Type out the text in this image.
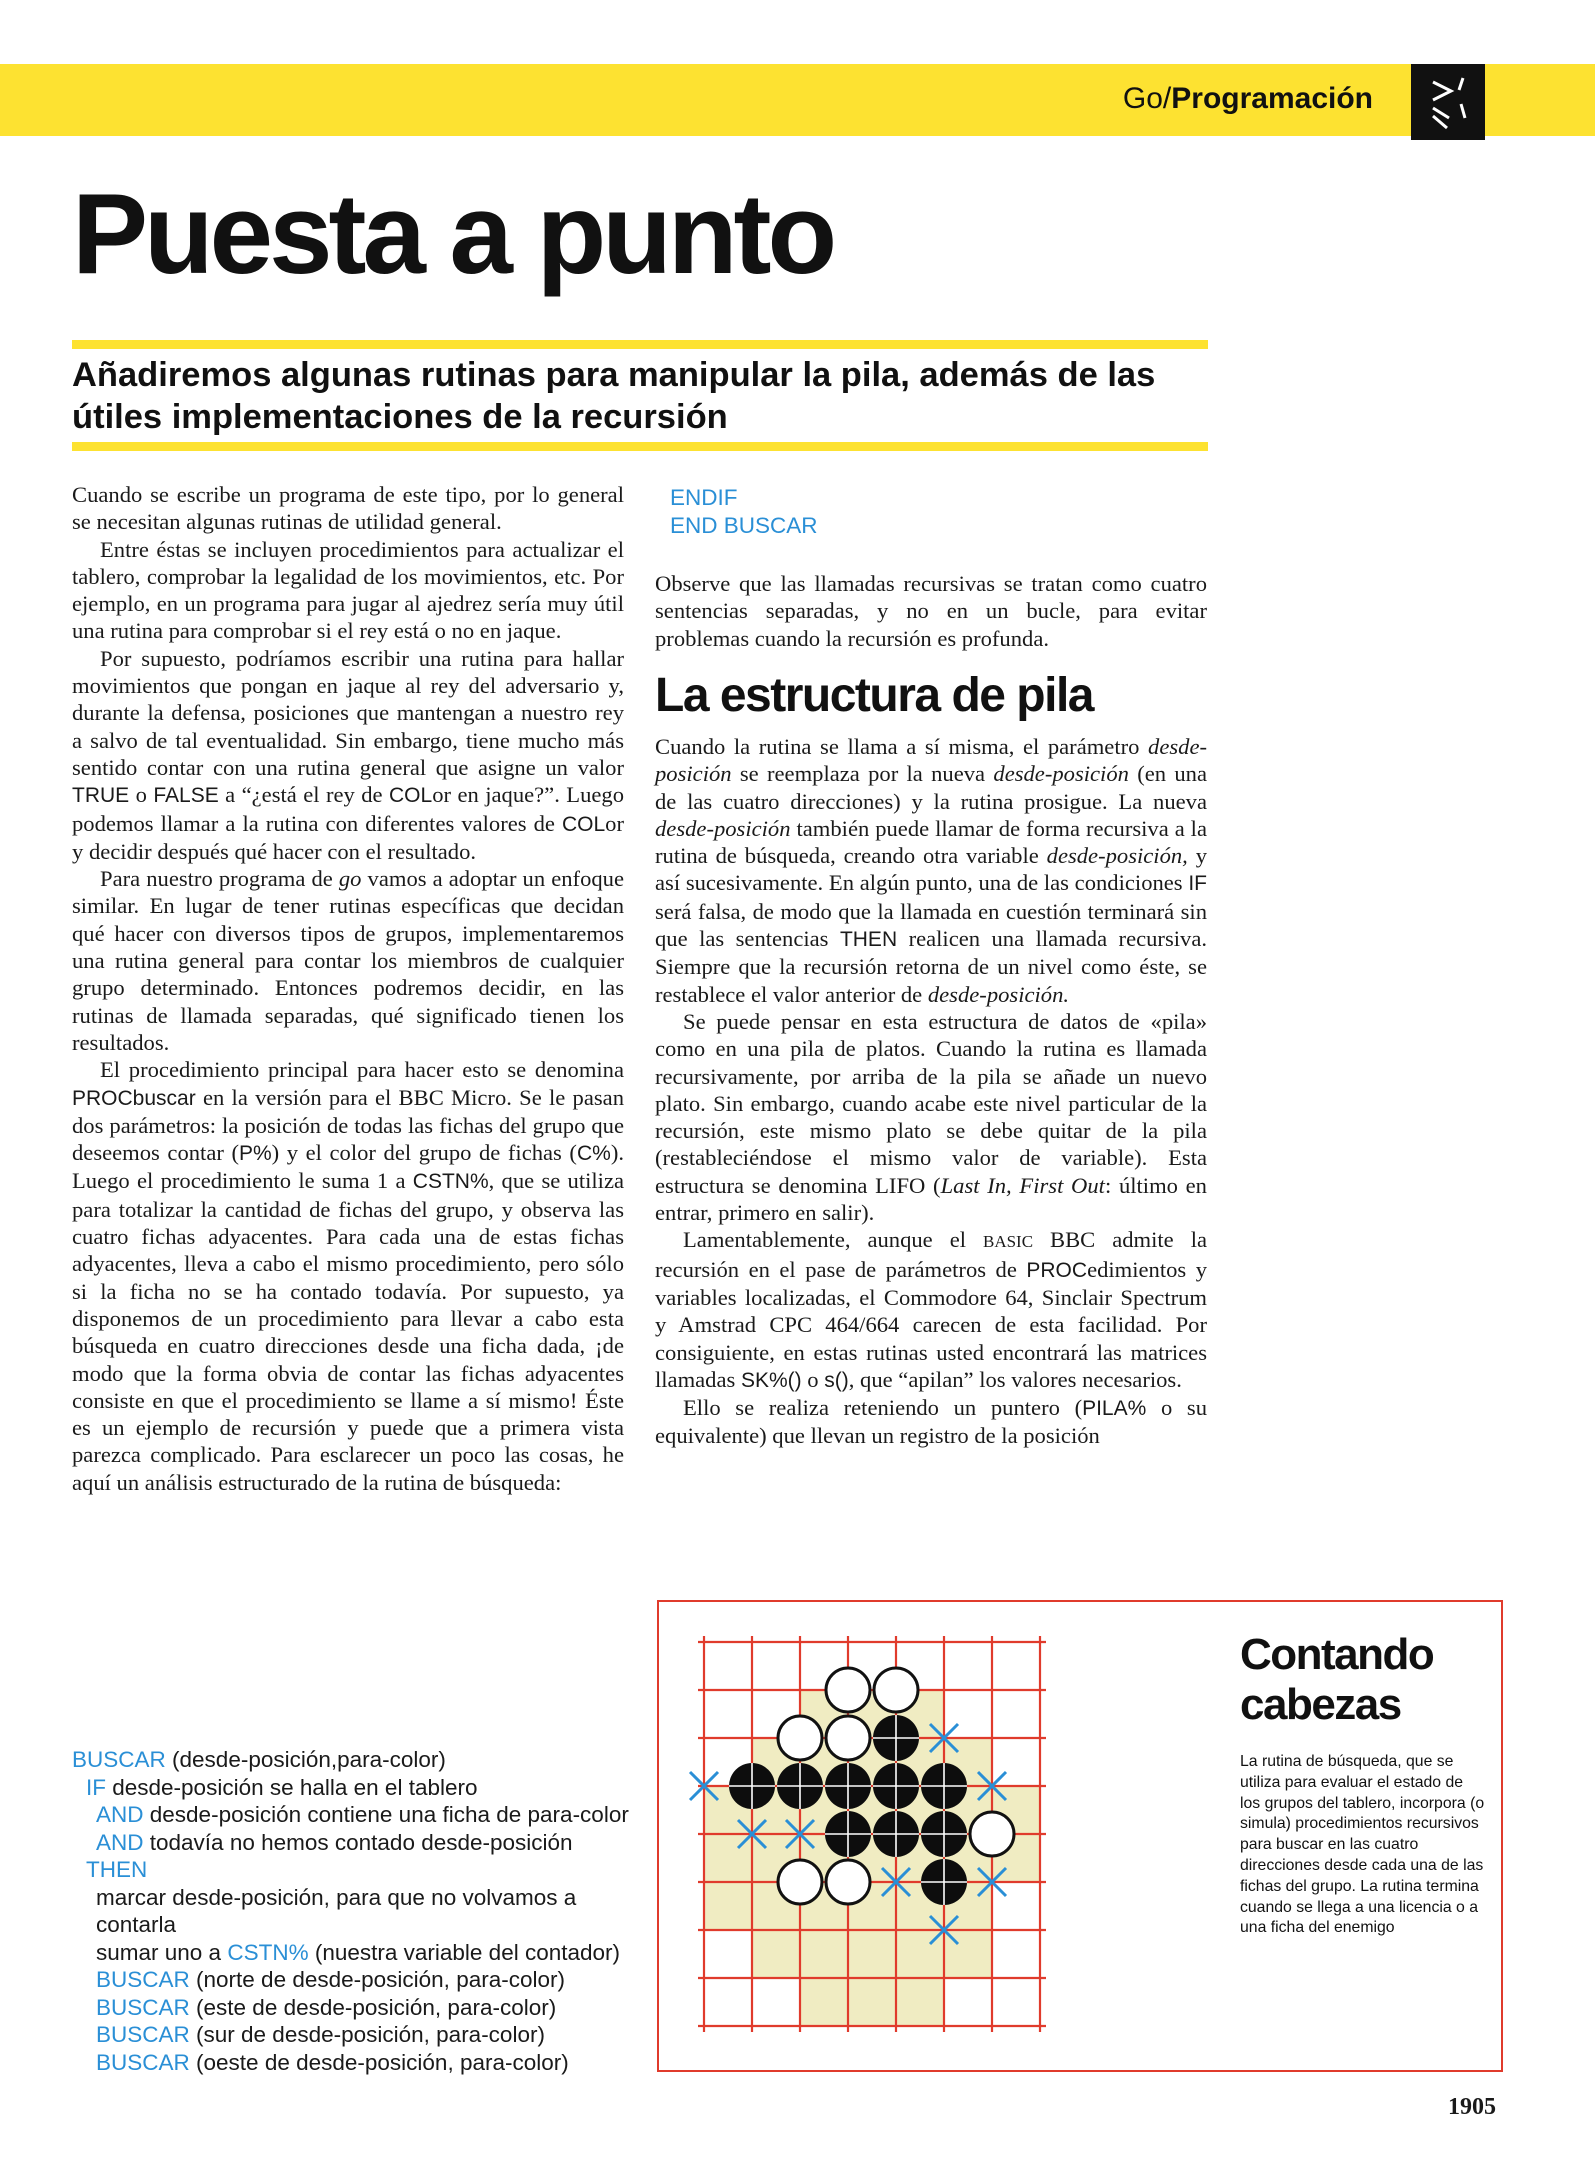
Go/Programación
Puesta a punto
Añadiremos algunas rutinas para manipular la pila, además de las útiles implementaciones de la recursión

Cuando se escribe un programa de este tipo, por lo general se necesitan algunas rutinas de utilidad general.

Entre éstas se incluyen procedimientos para actualizar el tablero, comprobar la legalidad de los movimientos, etc. Por ejemplo, en un programa para jugar al ajedrez sería muy útil una rutina para comprobar si el rey está o no en jaque.

Por supuesto, podríamos escribir una rutina para hallar movimientos que pongan en jaque al rey del adversario y, durante la defensa, posiciones que mantengan a nuestro rey a salvo de tal eventualidad. Sin embargo, tiene mucho más sentido contar con una rutina general que asigne un valor TRUE o FALSE a “¿está el rey de COLor en jaque?”. Luego podemos llamar a la rutina con diferentes valores de COLor y decidir después qué hacer con el resultado.

Para nuestro programa de go vamos a adoptar un enfoque similar. En lugar de tener rutinas específicas que decidan qué hacer con diversos tipos de grupos, implementaremos una rutina general para contar los miembros de cualquier grupo determinado. Entonces podremos decidir, en las rutinas de llamada separadas, qué significado tienen los resultados.

El procedimiento principal para hacer esto se denomina PROCbuscar en la versión para el BBC Micro. Se le pasan dos parámetros: la posición de todas las fichas del grupo que deseemos contar (P%) y el color del grupo de fichas (C%). Luego el procedimiento le suma 1 a CSTN%, que se utiliza para totalizar la cantidad de fichas del grupo, y observa las cuatro fichas adyacentes. Para cada una de estas fichas adyacentes, lleva a cabo el mismo procedimiento, pero sólo si la ficha no se ha contado todavía. Por supuesto, ya disponemos de un procedimiento para llevar a cabo esta búsqueda en cuatro direcciones desde una ficha dada, ¡de modo que la forma obvia de contar las fichas adyacentes consiste en que el procedimiento se llame a sí mismo! Éste es un ejemplo de recursión y puede que a primera vista parezca complicado. Para esclarecer un poco las cosas, he aquí un análisis estructurado de la rutina de búsqueda:

BUSCAR (desde-posición,para-color)
IF desde-posición se halla en el tablero
AND desde-posición contiene una ficha de para-color
AND todavía no hemos contado desde-posición
THEN
marcar desde-posición, para que no volvamos a
contarla
sumar uno a CSTN% (nuestra variable del contador)
BUSCAR (norte de desde-posición, para-color)
BUSCAR (este de desde-posición, para-color)
BUSCAR (sur de desde-posición, para-color)
BUSCAR (oeste de desde-posición, para-color)
ENDIF
END BUSCAR

Observe que las llamadas recursivas se tratan como cuatro sentencias separadas, y no en un bucle, para evitar problemas cuando la recursión es profunda.

La estructura de pila

Cuando la rutina se llama a sí misma, el parámetro desde-posición se reemplaza por la nueva desde-posición (en una de las cuatro direcciones) y la rutina prosigue. La nueva desde-posición también puede llamar de forma recursiva a la rutina de búsqueda, creando otra variable desde-posición, y así sucesivamente. En algún punto, una de las condiciones IF será falsa, de modo que la llamada en cuestión terminará sin que las sentencias THEN realicen una llamada recursiva. Siempre que la recursión retorna de un nivel como éste, se restablece el valor anterior de desde-posición.

Se puede pensar en esta estructura de datos de «pila» como en una pila de platos. Cuando la rutina es llamada recursivamente, por arriba de la pila se añade un nuevo plato. Sin embargo, cuando acabe este nivel particular de la recursión, este mismo plato se debe quitar de la pila (restableciéndose el mismo valor de variable). Esta estructura se denomina LIFO (Last In, First Out: último en entrar, primero en salir).

Lamentablemente, aunque el BASIC BBC admite la recursión en el pase de parámetros de PROCedimientos y variables localizadas, el Commodore 64, Sinclair Spectrum y Amstrad CPC 464/664 carecen de esta facilidad. Por consiguiente, en estas rutinas usted encontrará las matrices llamadas SK%() o s(), que “apilan” los valores necesarios.

Ello se realiza reteniendo un puntero (PILA% o su equivalente) que llevan un registro de la posición

Contando
cabezas
La rutina de búsqueda, que se utiliza para evaluar el estado de los grupos del tablero, incorpora (o simula) procedimientos recursivos para buscar en las cuatro direcciones desde cada una de las fichas del grupo. La rutina termina cuando se llega a una licencia o a una ficha del enemigo
1905
